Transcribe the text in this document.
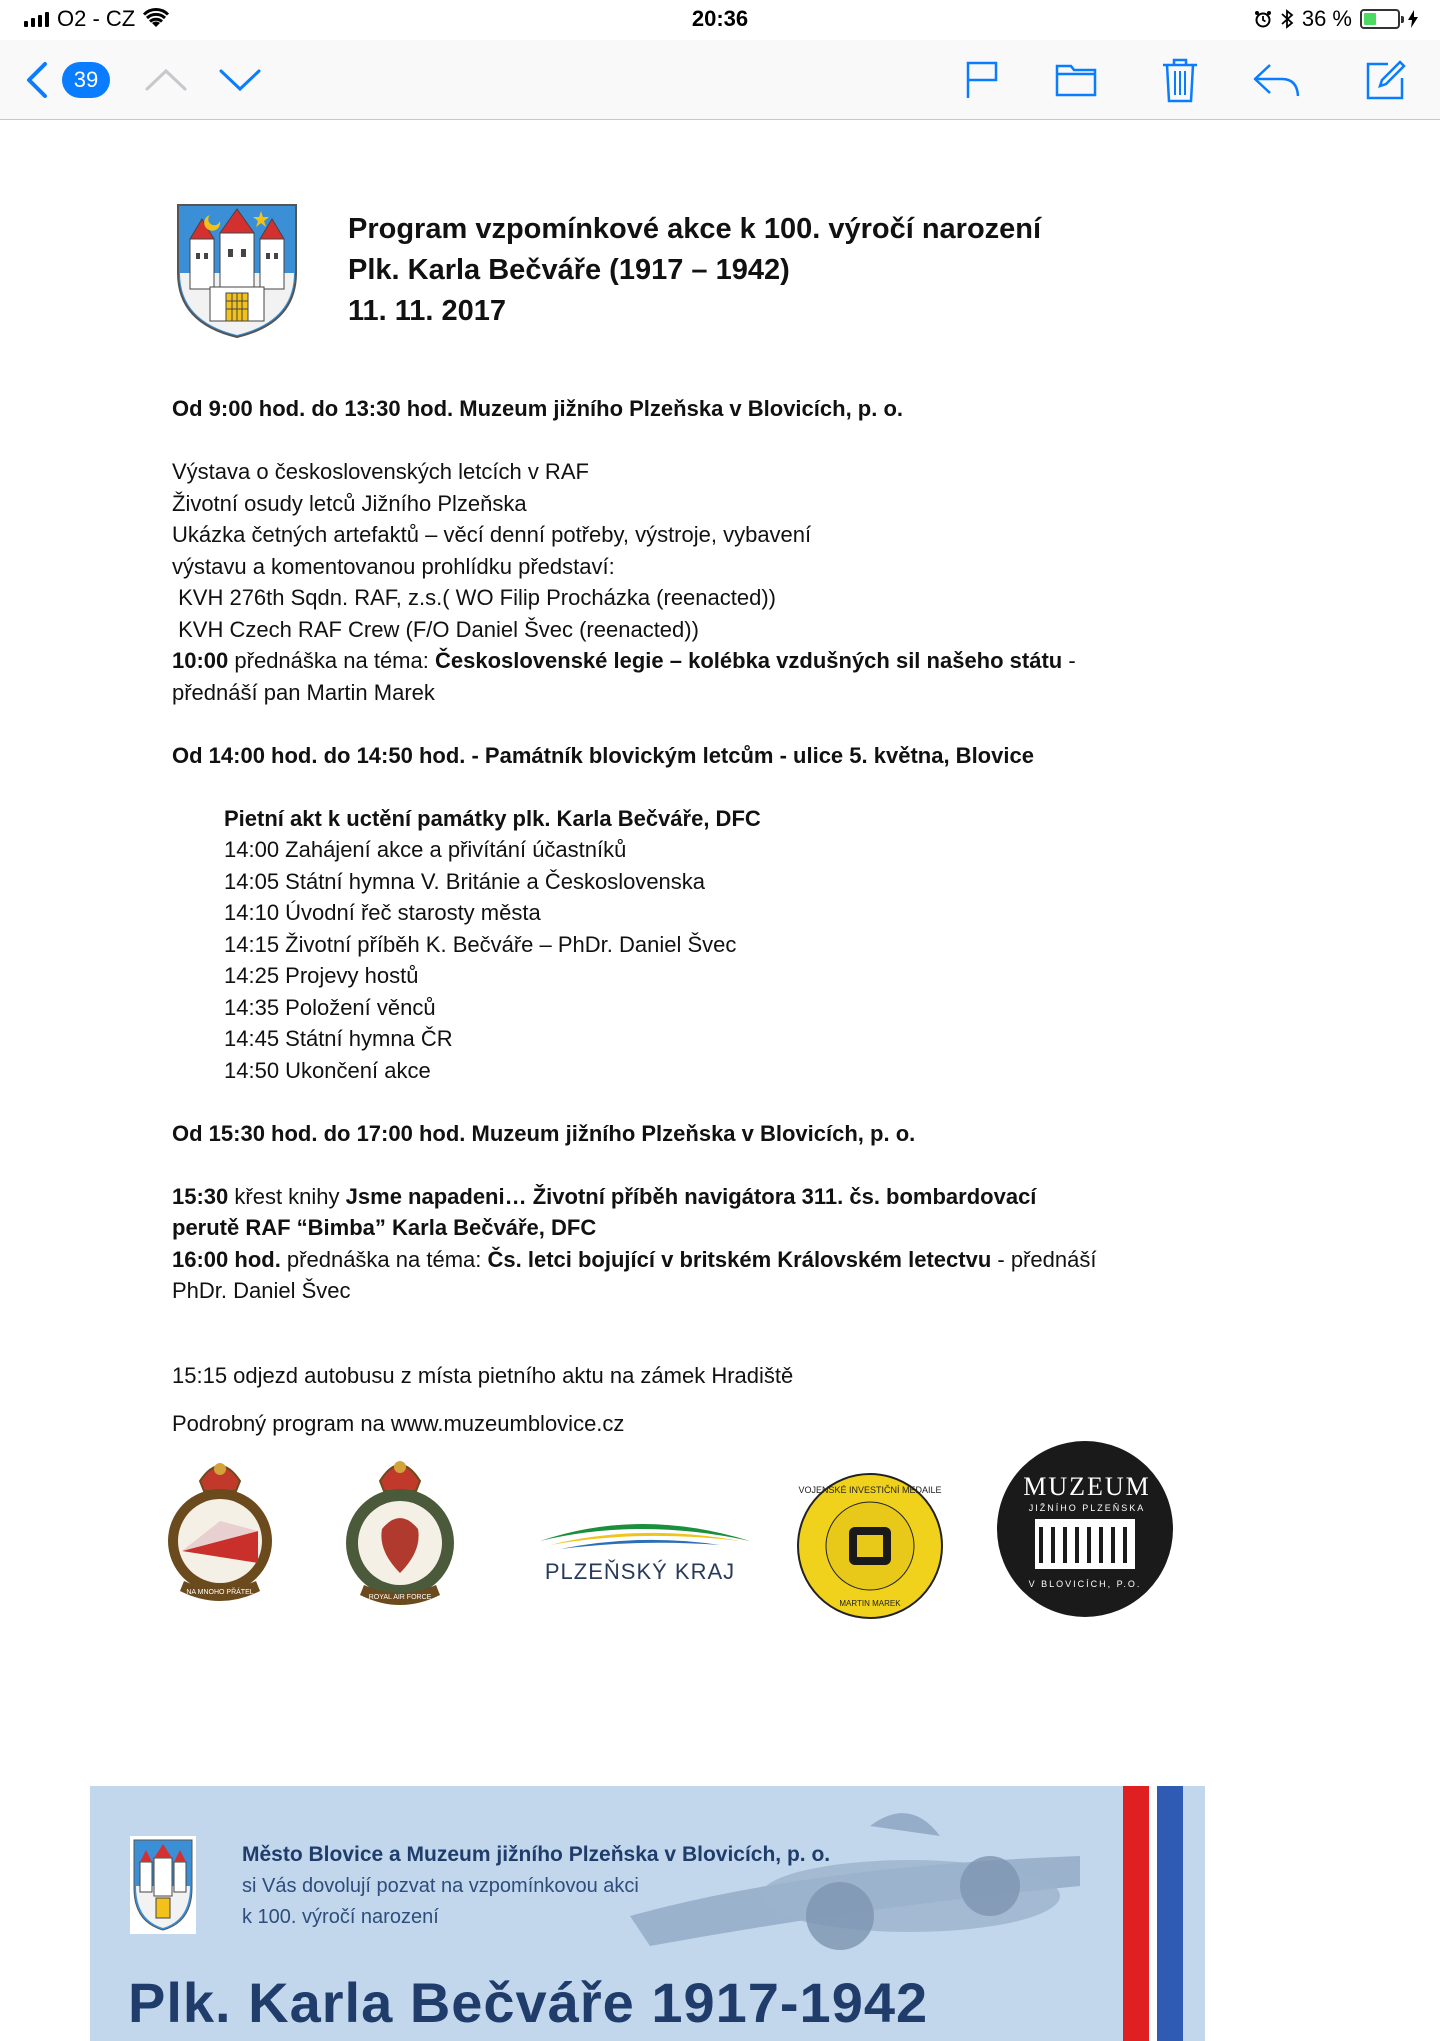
O2 - CZ	20:36	36 %
39

Program vzpomínkové akce k 100. výročí narození

Plk. Karla Bečváře (1917 – 1942)

11. 11. 2017

Od 9:00 hod. do 13:30 hod. Muzeum jižního Plzeňska v Blovicích, p. o.

Výstava o československých letcích v RAF

Životní osudy letců Jižního Plzeňska

Ukázka četných artefaktů – věcí denní potřeby, výstroje, vybavení

výstavu a komentovanou prohlídku představí:

KVH 276th Sqdn. RAF, z.s.( WO Filip Procházka (reenacted))

KVH Czech RAF Crew (F/O Daniel Švec (reenacted))

10:00 přednáška na téma: Československé legie – kolébka vzdušných sil našeho státu -

přednáší pan Martin Marek

Od 14:00 hod. do 14:50 hod. - Památník blovickým letcům - ulice 5. května, Blovice

Pietní akt k uctění památky plk. Karla Bečváře, DFC

14:00 Zahájení akce a přivítání účastníků

14:05 Státní hymna V. Británie a Československa

14:10 Úvodní řeč starosty města

14:15 Životní příběh K. Bečváře – PhDr. Daniel Švec

14:25 Projevy hostů

14:35 Položení věnců

14:45 Státní hymna ČR

14:50 Ukončení akce

Od 15:30 hod. do 17:00 hod. Muzeum jižního Plzeňska v Blovicích, p. o.

15:30 křest knihy Jsme napadeni… Životní příběh navigátora 311. čs. bombardovací

perutě RAF “Bimba” Karla Bečváře, DFC

16:00 hod. přednáška na téma: Čs. letci bojující v britském Královském letectvu - přednáší

PhDr. Daniel Švec

15:15 odjezd autobusu z místa pietního aktu na zámek Hradiště

Podrobný program na www.muzeumblovice.cz

NA MNOHO PŘÁTEL
ROYAL AIR FORCE
PLZEŇSKÝ KRAJ
VOJENSKÉ INVESTIČNÍ MEDAILE
MARTIN MAREK
MUZEUM
JIŽNÍHO PLZEŇSKA
V BLOVICÍCH, P.O.
Město Blovice a Muzeum jižního Plzeňska v Blovicích, p. o.
si Vás dovolují pozvat na vzpomínkovou akci
k 100. výročí narození
Plk. Karla Bečváře 1917-1942
